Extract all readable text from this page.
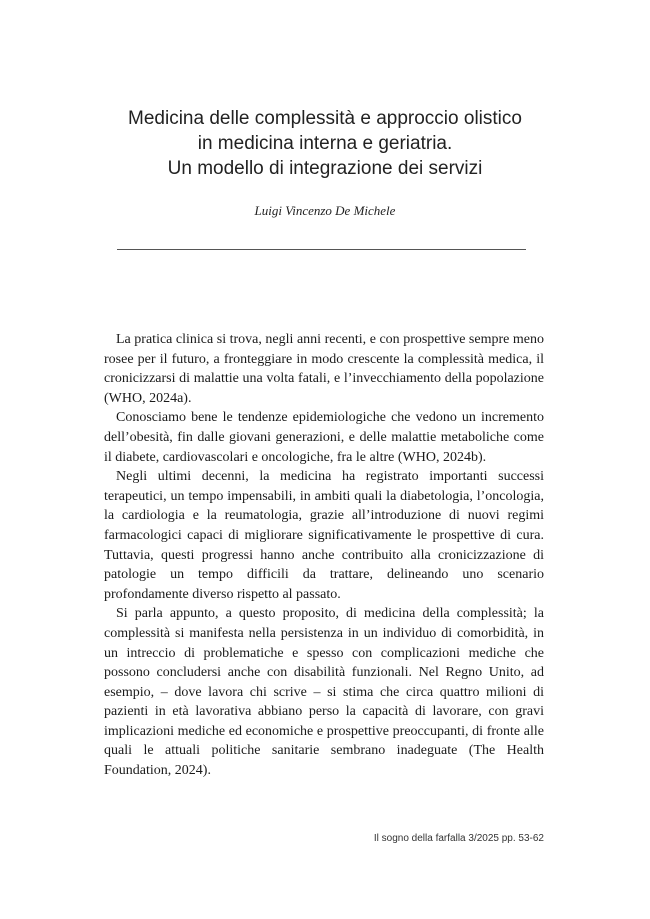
Medicina delle complessità e approccio olistico
in medicina interna e geriatria.
Un modello di integrazione dei servizi
Luigi Vincenzo De Michele

La pratica clinica si trova, negli anni recenti, e con prospettive sempre meno rosee per il futuro, a fronteggiare in modo crescente la complessità medica, il cronicizzarsi di malattie una volta fatali, e l’invecchiamento della popolazione (WHO, 2024a).

Conosciamo bene le tendenze epidemiologiche che vedono un incremento dell’obesità, fin dalle giovani generazioni, e delle malattie metaboliche come il diabete, cardiovascolari e oncologiche, fra le altre (WHO, 2024b).

Negli ultimi decenni, la medicina ha registrato importanti successi terapeutici, un tempo impensabili, in ambiti quali la diabetologia, l’oncologia, la cardiologia e la reumatologia, grazie all’introduzione di nuovi regimi farmacologici capaci di migliorare significativamente le prospettive di cura. Tuttavia, questi progressi hanno anche contribuito alla cronicizzazione di patologie un tempo difficili da trattare, delineando uno scenario profondamente diverso rispetto al passato.

Si parla appunto, a questo proposito, di medicina della complessità; la complessità si manifesta nella persistenza in un individuo di comorbidità, in un intreccio di problematiche e spesso con complicazioni mediche che possono concludersi anche con disabilità funzionali. Nel Regno Unito, ad esempio, – dove lavora chi scrive – si stima che circa quattro milioni di pazienti in età lavorativa abbiano perso la capacità di lavorare, con gravi implicazioni mediche ed economiche e prospettive preoccupanti, di fronte alle quali le attuali politiche sanitarie sembrano inadeguate (The Health Foundation, 2024).

Il sogno della farfalla 3/2025 pp. 53-62
